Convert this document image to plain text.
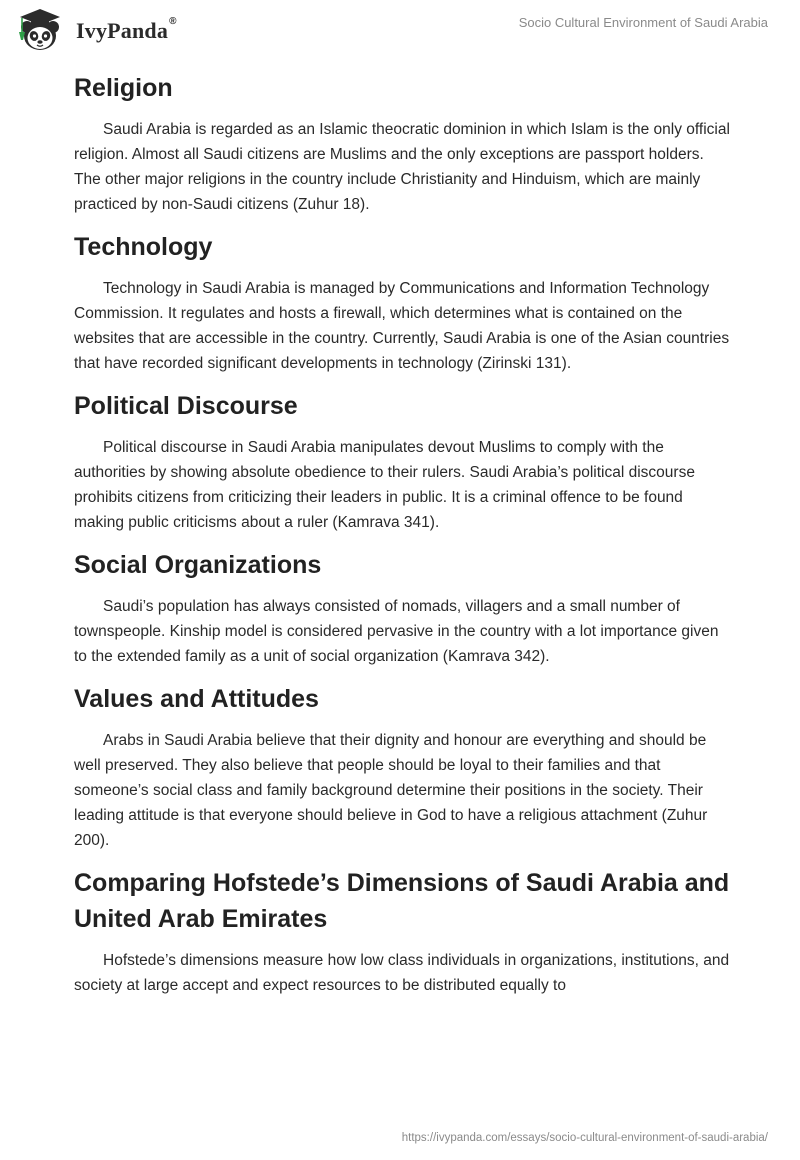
IvyPanda ®	Socio Cultural Environment of Saudi Arabia
Religion

Saudi Arabia is regarded as an Islamic theocratic dominion in which Islam is the only official religion. Almost all Saudi citizens are Muslims and the only exceptions are passport holders. The other major religions in the country include Christianity and Hinduism, which are mainly practiced by non-Saudi citizens (Zuhur 18).

Technology

Technology in Saudi Arabia is managed by Communications and Information Technology Commission. It regulates and hosts a firewall, which determines what is contained on the websites that are accessible in the country. Currently, Saudi Arabia is one of the Asian countries that have recorded significant developments in technology (Zirinski 131).

Political Discourse

Political discourse in Saudi Arabia manipulates devout Muslims to comply with the authorities by showing absolute obedience to their rulers. Saudi Arabia’s political discourse prohibits citizens from criticizing their leaders in public. It is a criminal offence to be found making public criticisms about a ruler (Kamrava 341).

Social Organizations

Saudi’s population has always consisted of nomads, villagers and a small number of townspeople. Kinship model is considered pervasive in the country with a lot importance given to the extended family as a unit of social organization (Kamrava 342).

Values and Attitudes

Arabs in Saudi Arabia believe that their dignity and honour are everything and should be well preserved. They also believe that people should be loyal to their families and that someone’s social class and family background determine their positions in the society. Their leading attitude is that everyone should believe in God to have a religious attachment (Zuhur 200).

Comparing Hofstede’s Dimensions of Saudi Arabia and United Arab Emirates

Hofstede’s dimensions measure how low class individuals in organizations, institutions, and society at large accept and expect resources to be distributed equally to

https://ivypanda.com/essays/socio-cultural-environment-of-saudi-arabia/
